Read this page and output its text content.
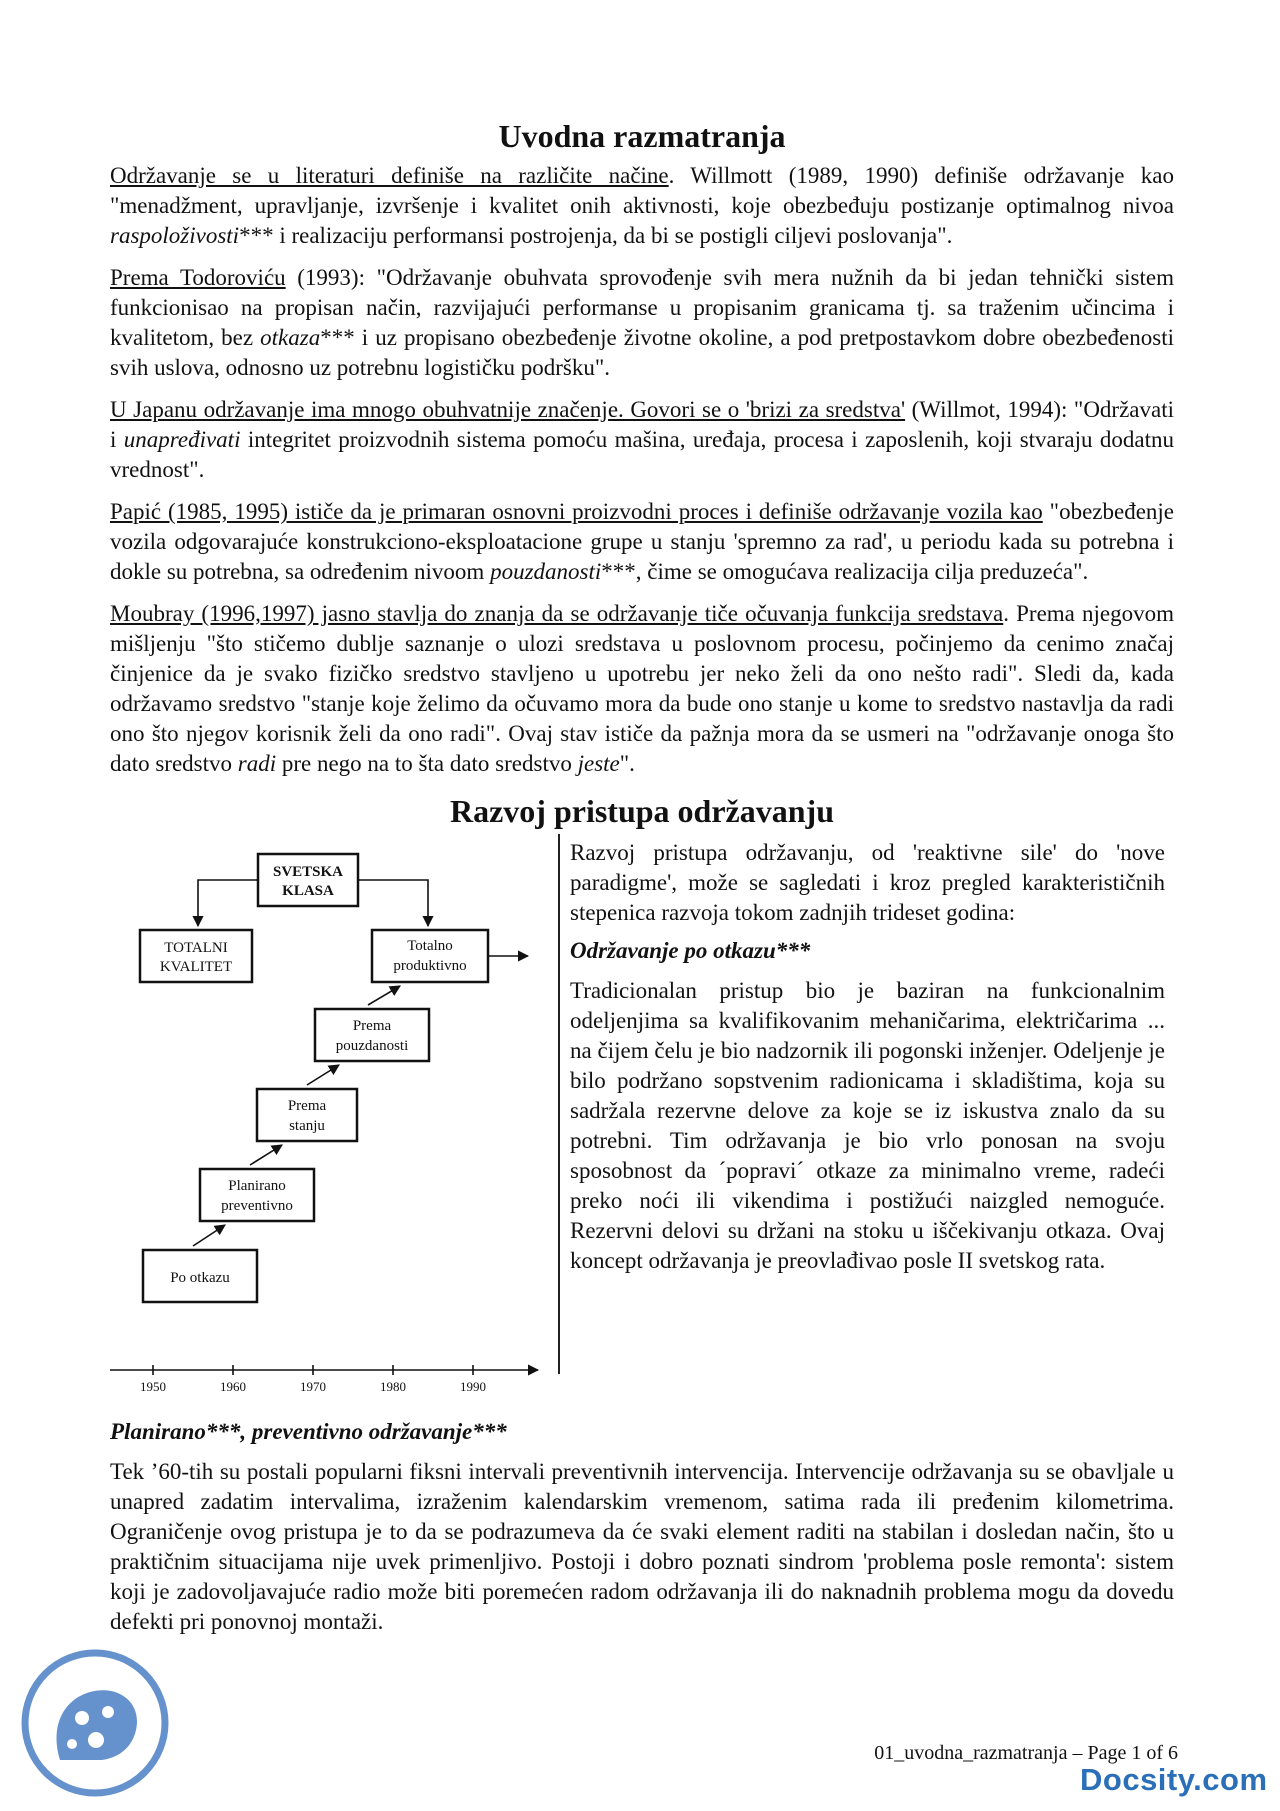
Uvodna razmatranja

Održavanje se u literaturi definiše na različite načine. Willmott (1989, 1990) definiše održavanje kao "menadžment, upravljanje, izvršenje i kvalitet onih aktivnosti, koje obezbeđuju postizanje optimalnog nivoa raspoloživosti*** i realizaciju performansi postrojenja, da bi se postigli ciljevi poslovanja".

Prema Todoroviću (1993): "Održavanje obuhvata sprovođenje svih mera nužnih da bi jedan tehnički sistem funkcionisao na propisan način, razvijajući performanse u propisanim granicama tj. sa traženim učincima i kvalitetom, bez otkaza*** i uz propisano obezbeđenje životne okoline, a pod pretpostavkom dobre obezbeđenosti svih uslova, odnosno uz potrebnu logističku podršku".

U Japanu održavanje ima mnogo obuhvatnije značenje. Govori se o 'brizi za sredstva' (Willmot, 1994): "Održavati i unapređivati integritet proizvodnih sistema pomoću mašina, uređaja, procesa i zaposlenih, koji stvaraju dodatnu vrednost".

Papić (1985, 1995) ističe da je primaran osnovni proizvodni proces i definiše održavanje vozila kao "obezbeđenje vozila odgovarajuće konstrukciono-eksploatacione grupe u stanju 'spremno za rad', u periodu kada su potrebna i dokle su potrebna, sa određenim nivoom pouzdanosti***, čime se omogućava realizacija cilja preduzeća".

Moubray (1996,1997) jasno stavlja do znanja da se održavanje tiče očuvanja funkcija sredstava. Prema njegovom mišljenju "što stičemo dublje saznanje o ulozi sredstava u poslovnom procesu, počinjemo da cenimo značaj činjenice da je svako fizičko sredstvo stavljeno u upotrebu jer neko želi da ono nešto radi". Sledi da, kada održavamo sredstvo "stanje koje želimo da očuvamo mora da bude ono stanje u kome to sredstvo nastavlja da radi ono što njegov korisnik želi da ono radi". Ovaj stav ističe da pažnja mora da se usmeri na "održavanje onoga što dato sredstvo radi pre nego na to šta dato sredstvo jeste".

Razvoj pristupa održavanju
SVETSKA
KLASA
TOTALNI
KVALITET
Totalno
produktivno
Prema
pouzdanosti
Prema
stanju
Planirano
preventivno
Po otkazu
1950	1960	1970	1980	1990

Razvoj pristupa održavanju, od 'reaktivne sile' do 'nove paradigme', može se sagledati i kroz pregled karakterističnih stepenica razvoja tokom zadnjih trideset godina:

Održavanje po otkazu***

Tradicionalan pristup bio je baziran na funkcionalnim odeljenjima sa kvalifikovanim mehaničarima, električarima ... na čijem čelu je bio nadzornik ili pogonski inženjer. Odeljenje je bilo podržano sopstvenim radionicama i skladištima, koja su sadržala rezervne delove za koje se iz iskustva znalo da su potrebni. Tim održavanja je bio vrlo ponosan na svoju sposobnost da ´popravi´ otkaze za minimalno vreme, radeći preko noći ili vikendima i postižući naizgled nemoguće. Rezervni delovi su držani na stoku u iščekivanju otkaza. Ovaj koncept održavanja je preovlađivao posle II svetskog rata.

Planirano***, preventivno održavanje***

Tek ’60-tih su postali popularni fiksni intervali preventivnih intervencija. Intervencije održavanja su se obavljale u unapred zadatim intervalima, izraženim kalendarskim vremenom, satima rada ili pređenim kilometrima. Ograničenje ovog pristupa je to da se podrazumeva da će svaki element raditi na stabilan i dosledan način, što u praktičnim situacijama nije uvek primenljivo. Postoji i dobro poznati sindrom 'problema posle remonta': sistem koji je zadovoljavajuće radio može biti poremećen radom održavanja ili do naknadnih problema mogu da dovedu defekti pri ponovnoj montaži.

01_uvodna_razmatranja – Page 1 of 6
Docsity.com
